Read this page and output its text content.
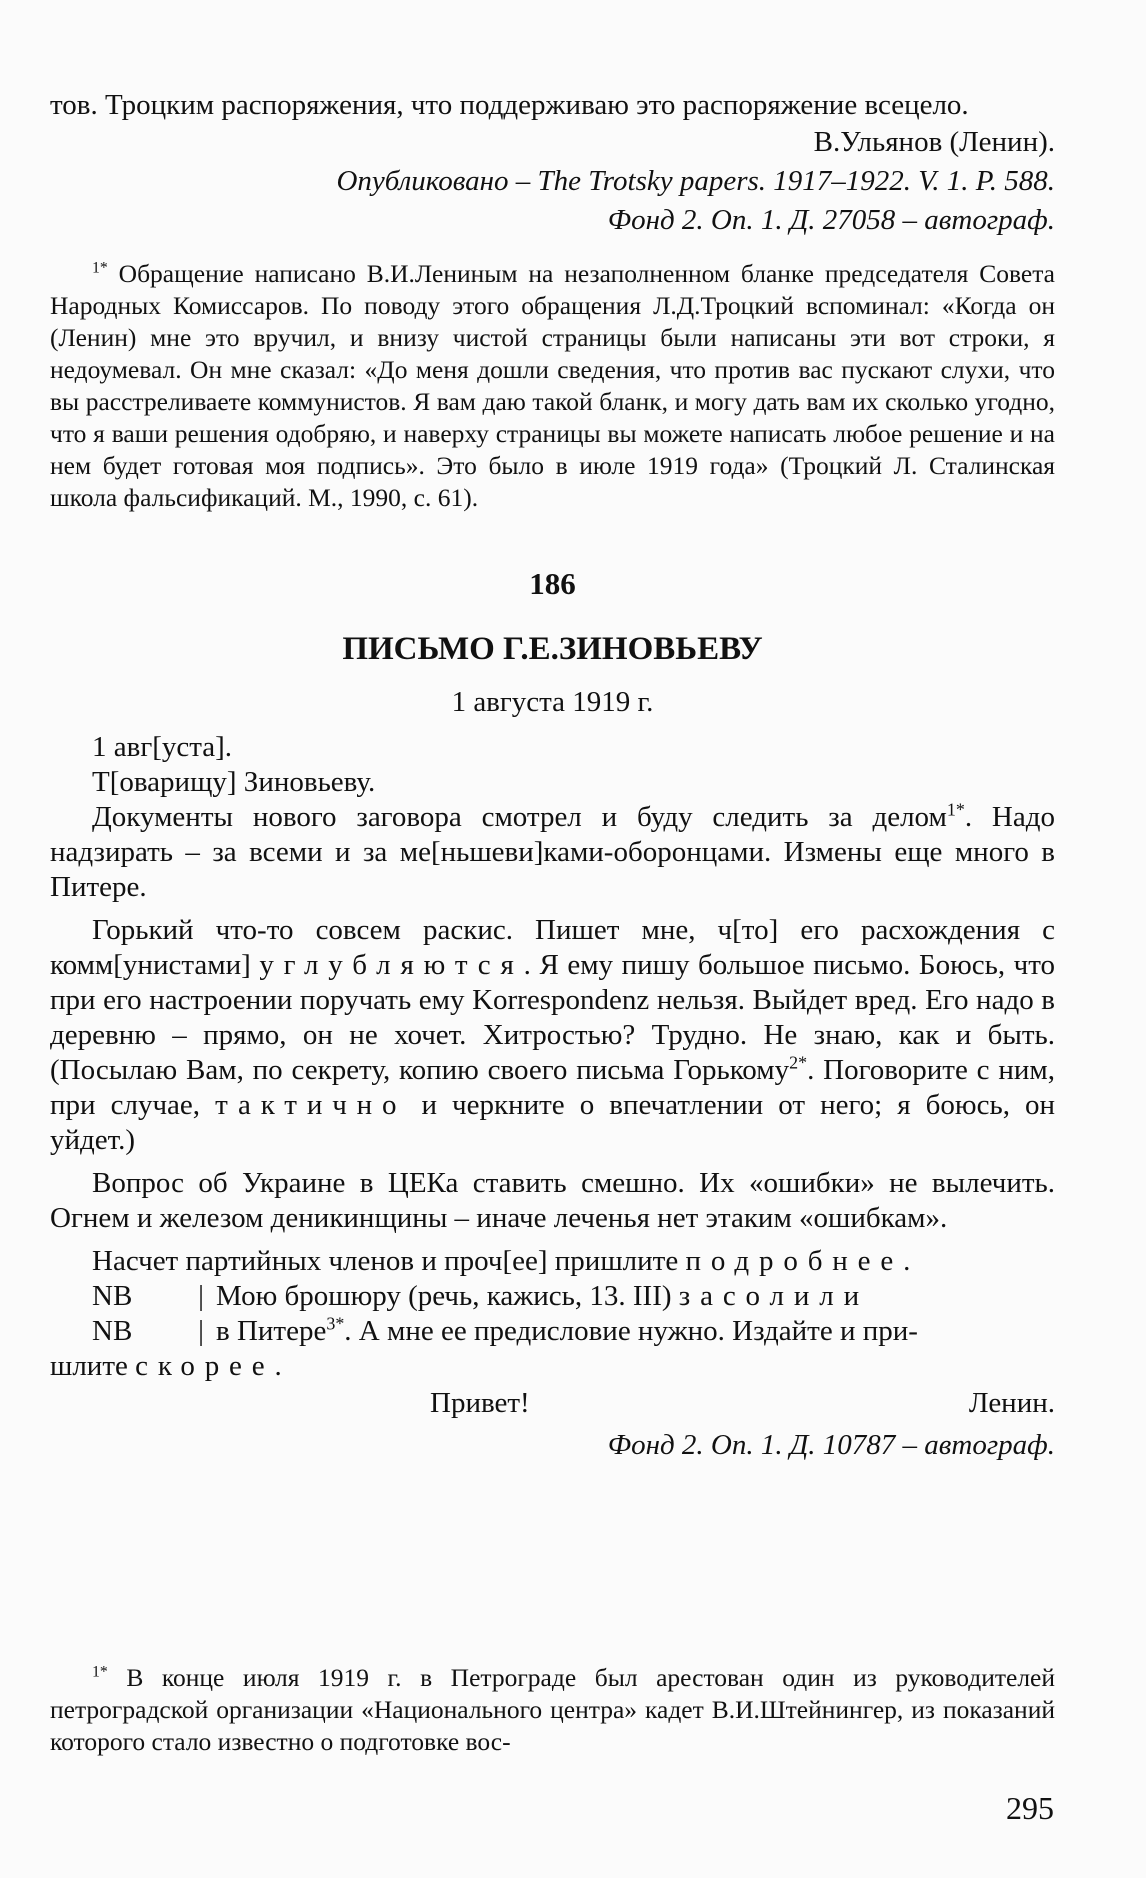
тов. Троцким распоряжения, что поддерживаю это распоряжение всецело.

В.Ульянов (Ленин).

Опубликовано – The Trotsky papers. 1917–1922. V. 1. P. 588.

Фонд 2. Оп. 1. Д. 27058 – автограф.

$^{1*}$ Обращение написано В.И.Лениным на незаполненном бланке председателя Совета Народных Комиссаров. По поводу этого обращения Л.Д.Троцкий вспоминал: «Когда он (Ленин) мне это вручил, и внизу чистой страницы были написаны эти вот строки, я недоумевал. Он мне сказал: «До меня дошли сведения, что против вас пускают слухи, что вы расстреливаете коммунистов. Я вам даю такой бланк, и могу дать вам их сколько угодно, что я ваши решения одобряю, и наверху страницы вы можете написать любое решение и на нем будет готовая моя подпись». Это было в июле 1919 года» (Троцкий Л. Сталинская школа фальсификаций. М., 1990, с. 61).

186

ПИСЬМО Г.Е.ЗИНОВЬЕВУ

1 августа 1919 г.

1 авг[уста].

Т[оварищу] Зиновьеву.

Документы нового заговора смотрел и буду следить за делом$^{1*}$. Надо надзирать – за всеми и за ме[ньшеви]ками-оборонцами. Измены еще много в Питере.

Горький что-то совсем раскис. Пишет мне, ч[то] его расхождения с комм[унистами] углубляются. Я ему пишу большое письмо. Боюсь, что при его настроении поручать ему Korrespondenz нельзя. Выйдет вред. Его надо в деревню – прямо, он не хочет. Хитростью? Трудно. Не знаю, как и быть. (Посылаю Вам, по секрету, копию своего письма Горькому$^{2*}$. Поговорите с ним, при случае, тактично и черкните о впечатлении от него; я боюсь, он уйдет.)

Вопрос об Украине в ЦЕКа ставить смешно. Их «ошибки» не вылечить. Огнем и железом деникинщины – иначе леченья нет этаким «ошибкам».

Насчет партийных членов и проч[ее] пришлите подробнее.

NB	| Мою брошюру (речь, кажись, 13. III) засолили
NB	| в Питере$^{3*}$. А мне ее предисловие нужно. Издайте и при-

шлите скорее.

Привет!	Ленин.

Фонд 2. Оп. 1. Д. 10787 – автограф.

$^{1*}$ В конце июля 1919 г. в Петрограде был арестован один из руководителей петроградской организации «Национального центра» кадет В.И.Штейнингер, из показаний которого стало известно о подготовке вос-

295
